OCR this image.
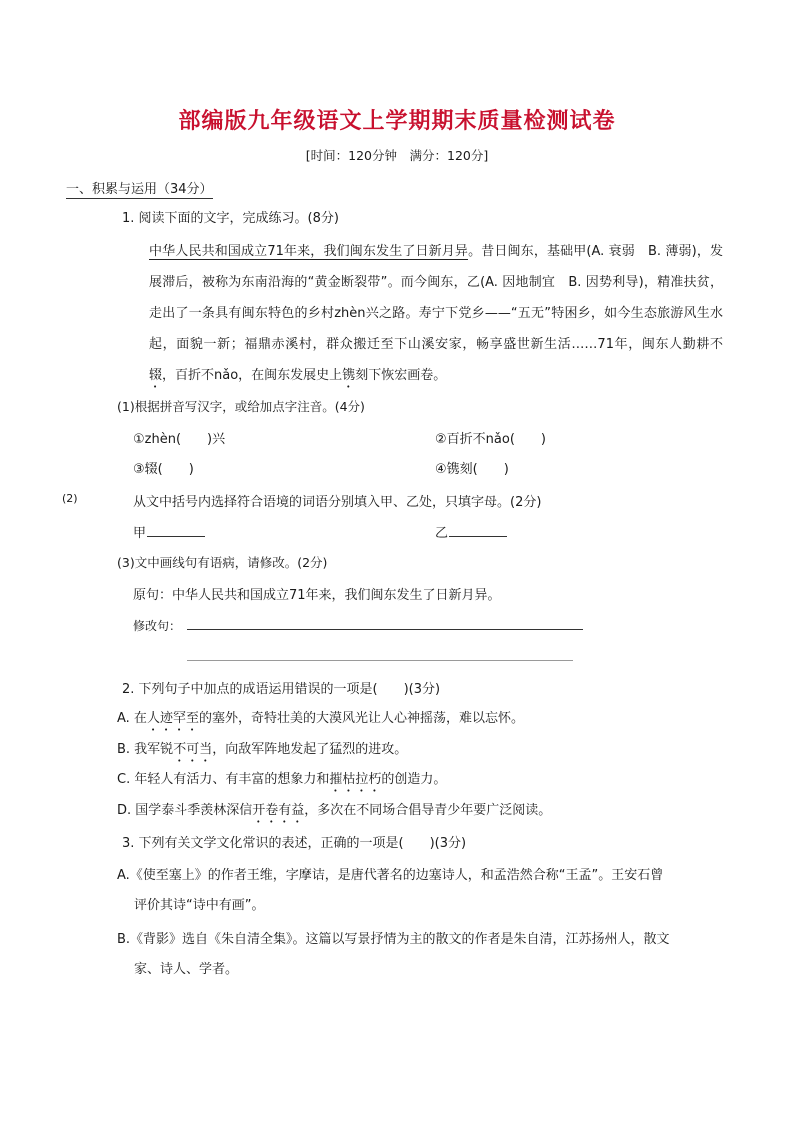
部编版九年级语文上学期期末质量检测试卷
[时间：120分钟　满分：120分]
一、积累与运用（34分）
1. 阅读下面的文字，完成练习。(8分)
中华人民共和国成立71年来，我们闽东发生了日新月异。昔日闽东，基础甲(A. 衰弱　B. 薄弱)，发展滞后，被称为东南沿海的“黄金断裂带”。而今闽东，乙(A. 因地制宜　B. 因势利导)，精准扶贫，走出了一条具有闽东特色的乡村zhèn兴之路。寿宁下党乡——“五无”特困乡，如今生态旅游风生水起，面貌一新；福鼎赤溪村，群众搬迁至下山溪安家，畅享盛世新生活……71年，闽东人勤耕不辍，百折不nǎo，在闽东发展史上镌刻下恢宏画卷。
(1)根据拼音写汉字，或给加点字注音。(4分)
①zhèn(　　)兴	②百折不nǎo(　　)
③辍(　　)	④镌刻(　　)
(2)	从文中括号内选择符合语境的词语分别填入甲、乙处，只填字母。(2分)
甲	乙
(3)文中画线句有语病，请修改。(2分)
原句：中华人民共和国成立71年来，我们闽东发生了日新月异。
修改句：
2. 下列句子中加点的成语运用错误的一项是(　　)(3分)
A. 在人迹罕至的塞外，奇特壮美的大漠风光让人心神摇荡，难以忘怀。
B. 我军锐不可当，向敌军阵地发起了猛烈的进攻。
C. 年轻人有活力、有丰富的想象力和摧枯拉朽的创造力。
D. 国学泰斗季羡林深信开卷有益，多次在不同场合倡导青少年要广泛阅读。
3. 下列有关文学文化常识的表述，正确的一项是(　　)(3分)
A.《使至塞上》的作者王维，字摩诘，是唐代著名的边塞诗人，和孟浩然合称“王孟”。王安石曾
评价其诗“诗中有画”。
B.《背影》选自《朱自清全集》。这篇以写景抒情为主的散文的作者是朱自清，江苏扬州人，散文
家、诗人、学者。
